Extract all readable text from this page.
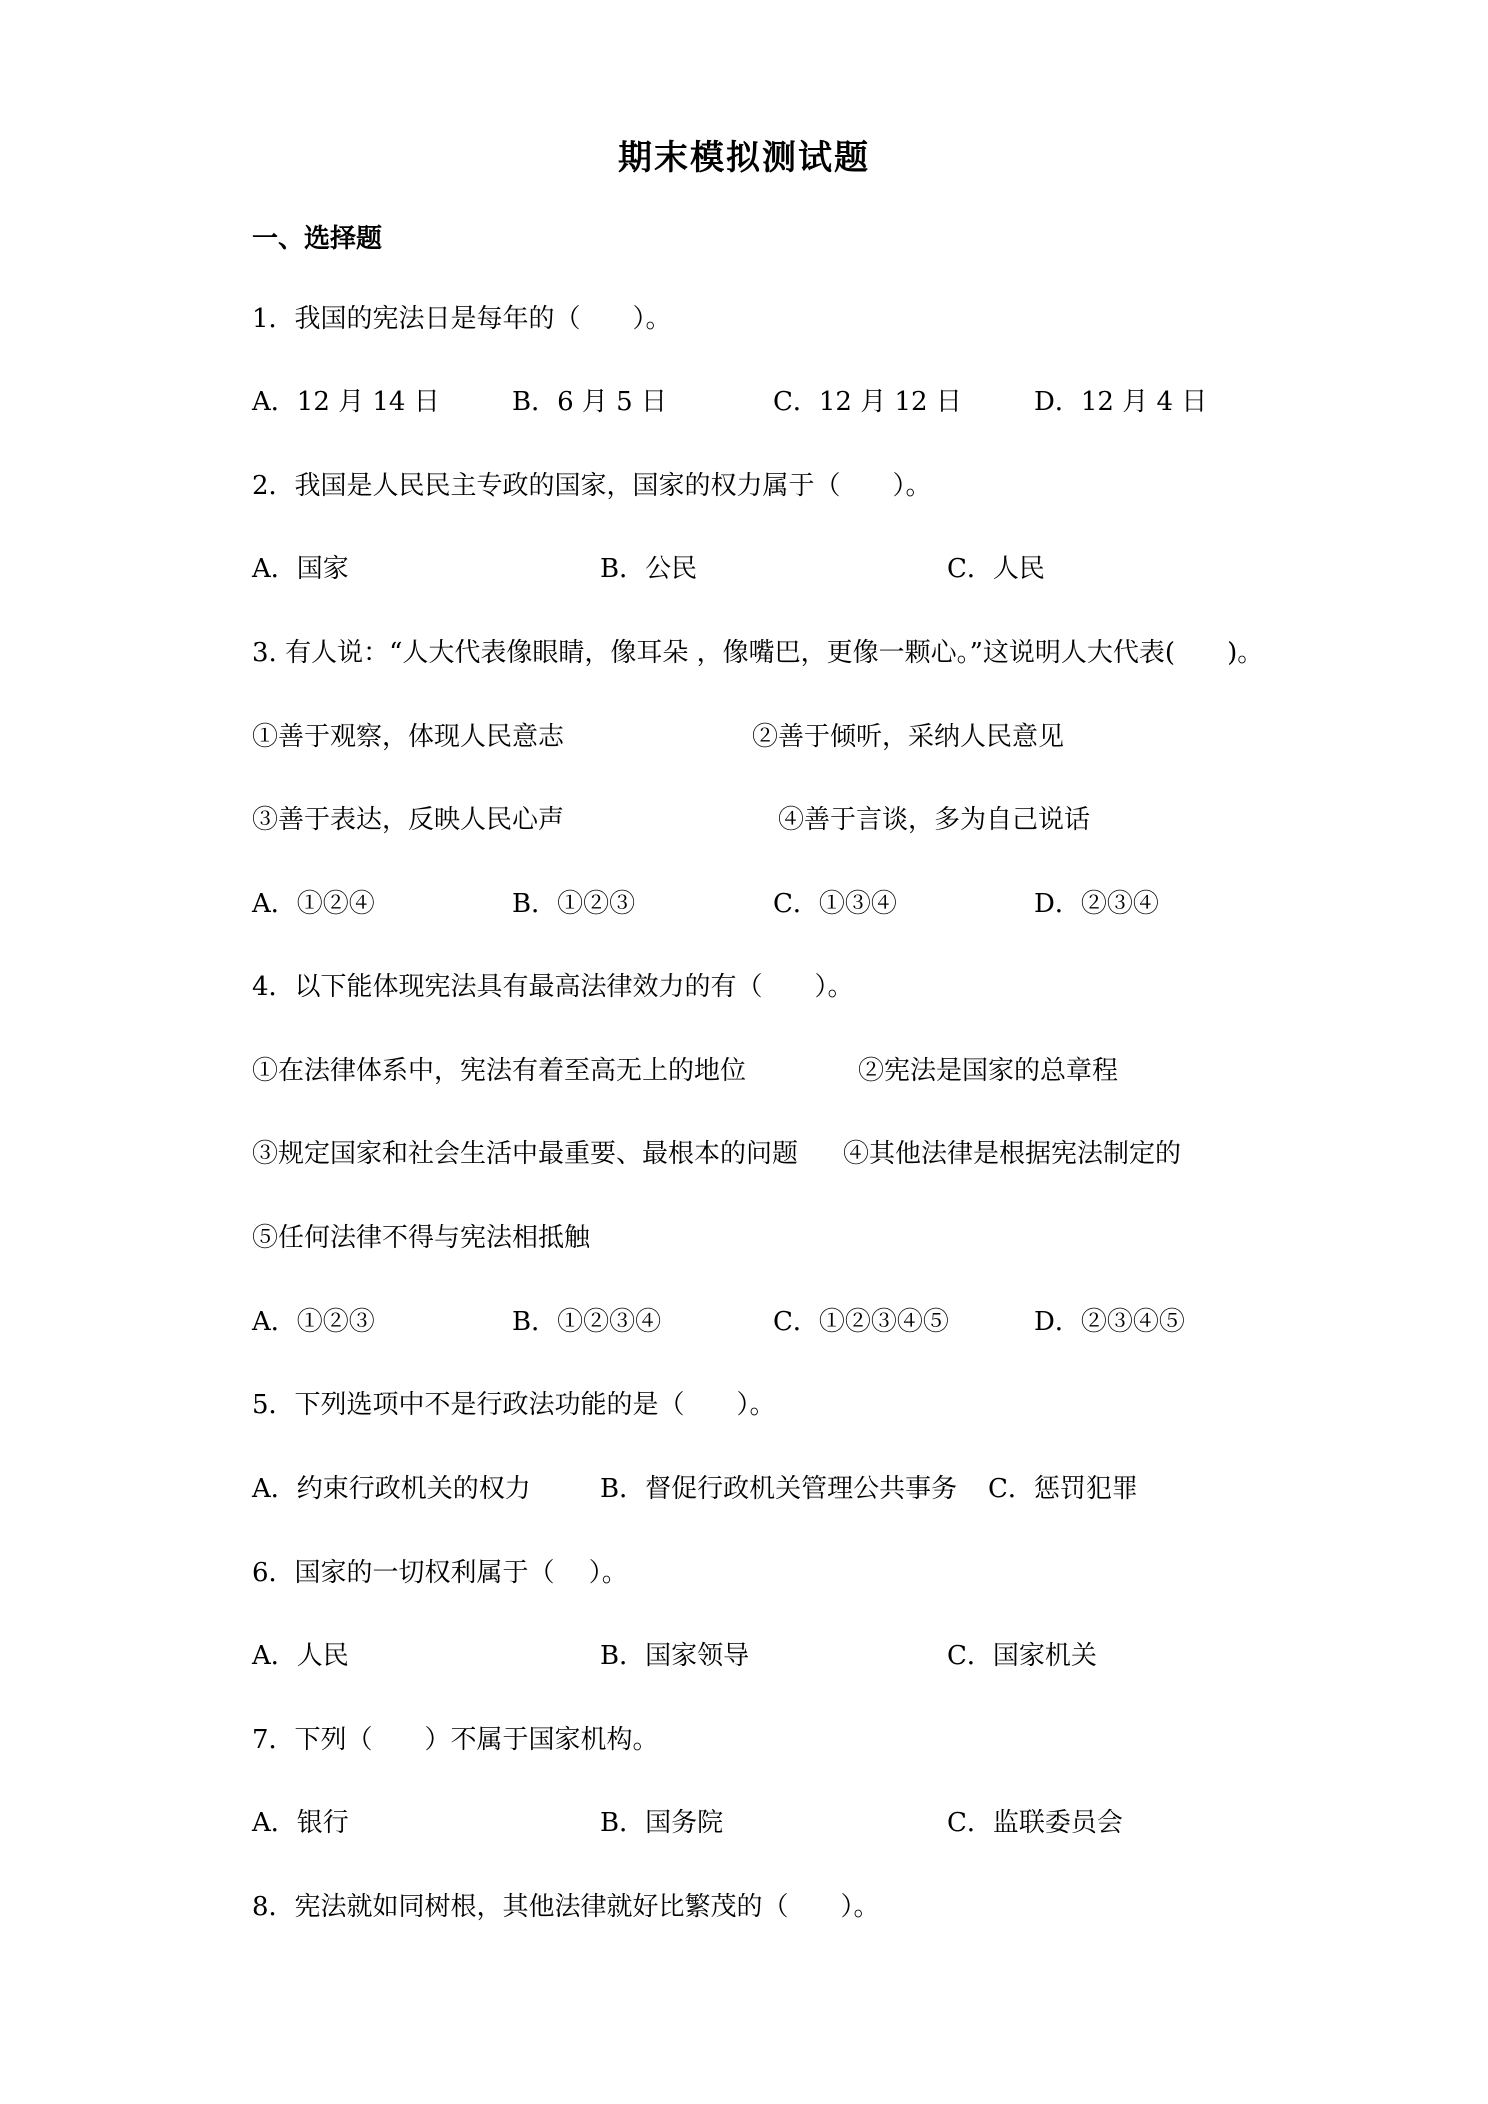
期末模拟测试题
一、选择题
1．我国的宪法日是每年的（　　）。
A．12 月 14 日	B．6 月 5 日	C．12 月 12 日	D．12 月 4 日
2．我国是人民民主专政的国家，国家的权力属于（　　）。
A．国家	B．公民	C．人民
3. 有人说：“人大代表像眼睛，像耳朵 ，像嘴巴，更像一颗心。”这说明人大代表(　　)。
①善于观察，体现人民意志	②善于倾听，采纳人民意见
③善于表达，反映人民心声	④善于言谈，多为自己说话
A．①②④	B．①②③	C．①③④	D．②③④
4．以下能体现宪法具有最高法律效力的有（　　）。
①在法律体系中，宪法有着至高无上的地位	②宪法是国家的总章程
③规定国家和社会生活中最重要、最根本的问题 ④其他法律是根据宪法制定的
⑤任何法律不得与宪法相抵触
A．①②③	B．①②③④	C．①②③④⑤	D．②③④⑤
5．下列选项中不是行政法功能的是（　　）。
A．约束行政机关的权力	B．督促行政机关管理公共事务 C．惩罚犯罪
6．国家的一切权利属于（　 ）。
A．人民	B．国家领导	C．国家机关
7．下列（　　）不属于国家机构。
A．银行	B．国务院	C．监联委员会
8．宪法就如同树根，其他法律就好比繁茂的（　　）。
